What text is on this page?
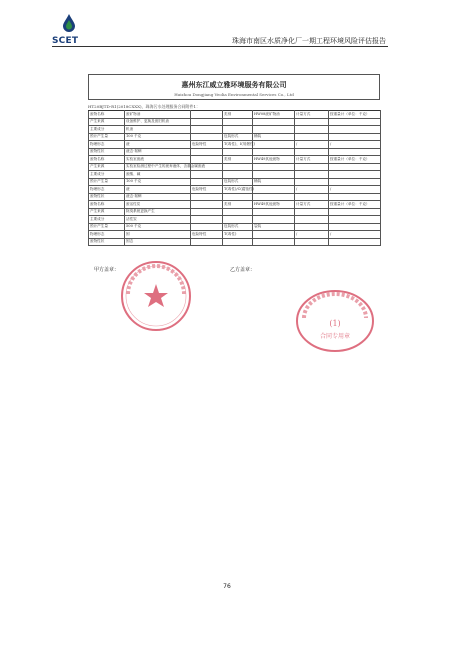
SCET	珠海市南区水质净化厂一期工程环境风险评估报告
惠州东江威立雅环境服务有限公司
Huizhou Dongjiang Veolia Environmental Services Co., Ltd
HT20BJTD-R1(2018CXXX)，珠海污水处理服务合同附件1：
废物名称	废矿物油		类别	HW08废矿物油	计量方式	按重量计（单位：千克）
产生来源	设备维护、更换及废旧机油					
主要成分	机油					
预计产生量	100 千克		包装形式	桶装		
物理形态	液	危险特性	T(毒性)，I(易燃性)		/	/
废物性状	液态·黏稠					
废物名称	实验室废液		类别	HW49其他废物	计量方式	按重量计（单位：千克）
产生来源	实验室检测过程中产生的废弃液体，含重金属废液					
主要成分	废酸、碱					
预计产生量	100 千克		包装形式	桶装		
物理形态	液	危险特性	T(毒性)/C(腐蚀性)		/	/
废物性状	液态·黏稠					
废物名称	废活性炭		类别	HW49其他废物	计量方式	按重量计（单位：千克）
产生来源	除臭系统更换产生					
主要成分	活性炭					
预计产生量	500 千克		包装形式	袋装		
物理形态	固	危险特性	T(毒性)		/	/
废物性状	固态					
甲方盖章：	乙方盖章：
(1)
合同专用章
76
